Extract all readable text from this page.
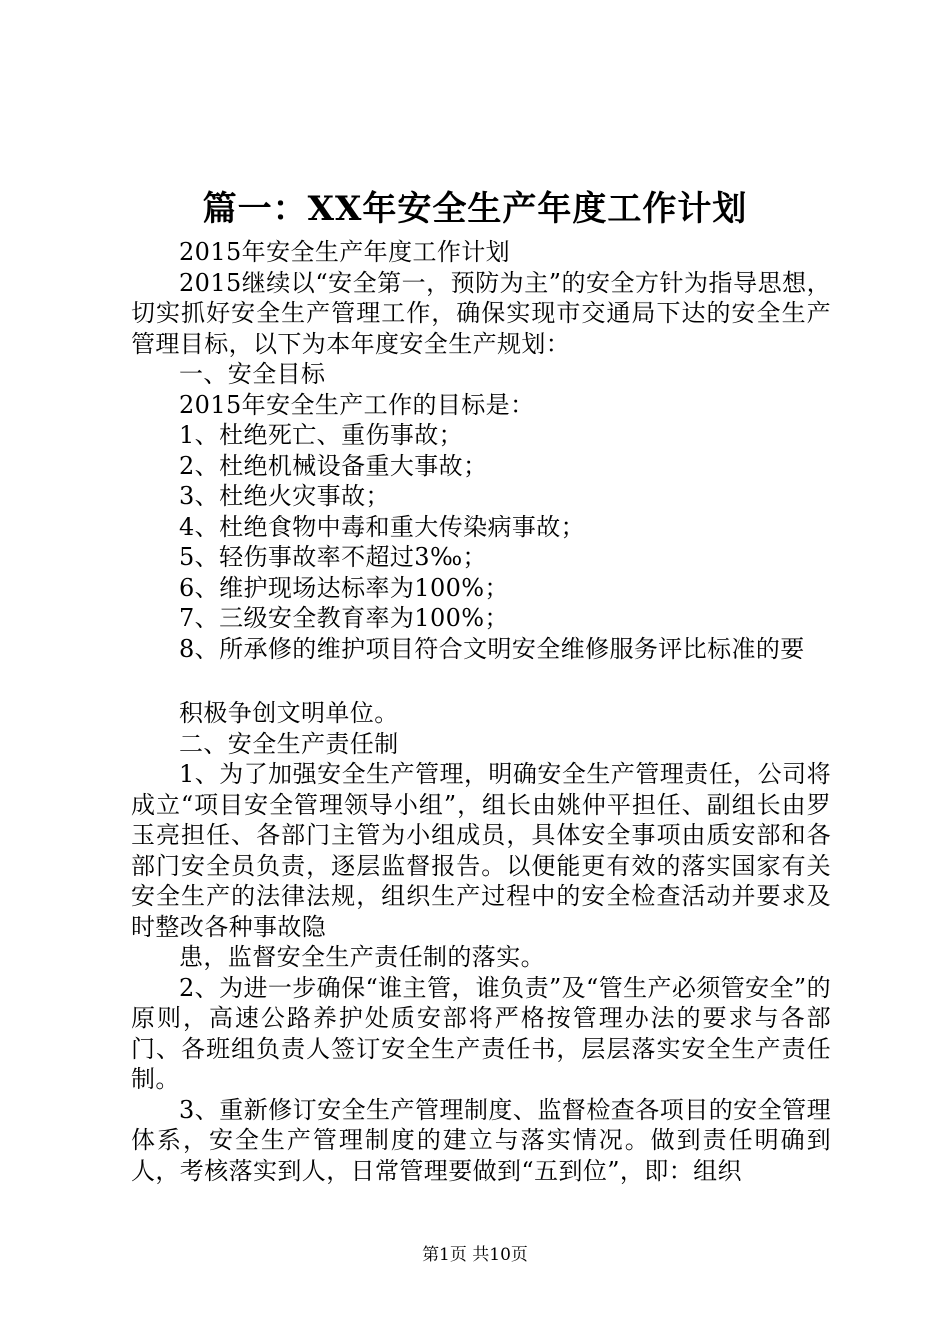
篇一：XX年安全生产年度工作计划

2015年安全生产年度工作计划

2015继续以“安全第一，预防为主”的安全方针为指导思想，切实抓好安全生产管理工作，确保实现市交通局下达的安全生产管理目标，以下为本年度安全生产规划：

一、安全目标

2015年安全生产工作的目标是：

1、杜绝死亡、重伤事故；

2、杜绝机械设备重大事故；

3、杜绝火灾事故；

4、杜绝食物中毒和重大传染病事故；

5、轻伤事故率不超过3‰；

6、维护现场达标率为100%；

7、三级安全教育率为100%；

8、所承修的维护项目符合文明安全维修服务评比标准的要

积极争创文明单位。

二、安全生产责任制

1、为了加强安全生产管理，明确安全生产管理责任，公司将成立“项目安全管理领导小组”，组长由姚仲平担任、副组长由罗玉亮担任、各部门主管为小组成员，具体安全事项由质安部和各部门安全员负责，逐层监督报告。以便能更有效的落实国家有关安全生产的法律法规，组织生产过程中的安全检查活动并要求及时整改各种事故隐

患，监督安全生产责任制的落实。

2、为进一步确保“谁主管，谁负责”及“管生产必须管安全”的原则，高速公路养护处质安部将严格按管理办法的要求与各部门、各班组负责人签订安全生产责任书，层层落实安全生产责任制。

3、重新修订安全生产管理制度、监督检查各项目的安全管理体系，安全生产管理制度的建立与落实情况。做到责任明确到人，考核落实到人，日常管理要做到“五到位”，即：组织

第1页 共10页
